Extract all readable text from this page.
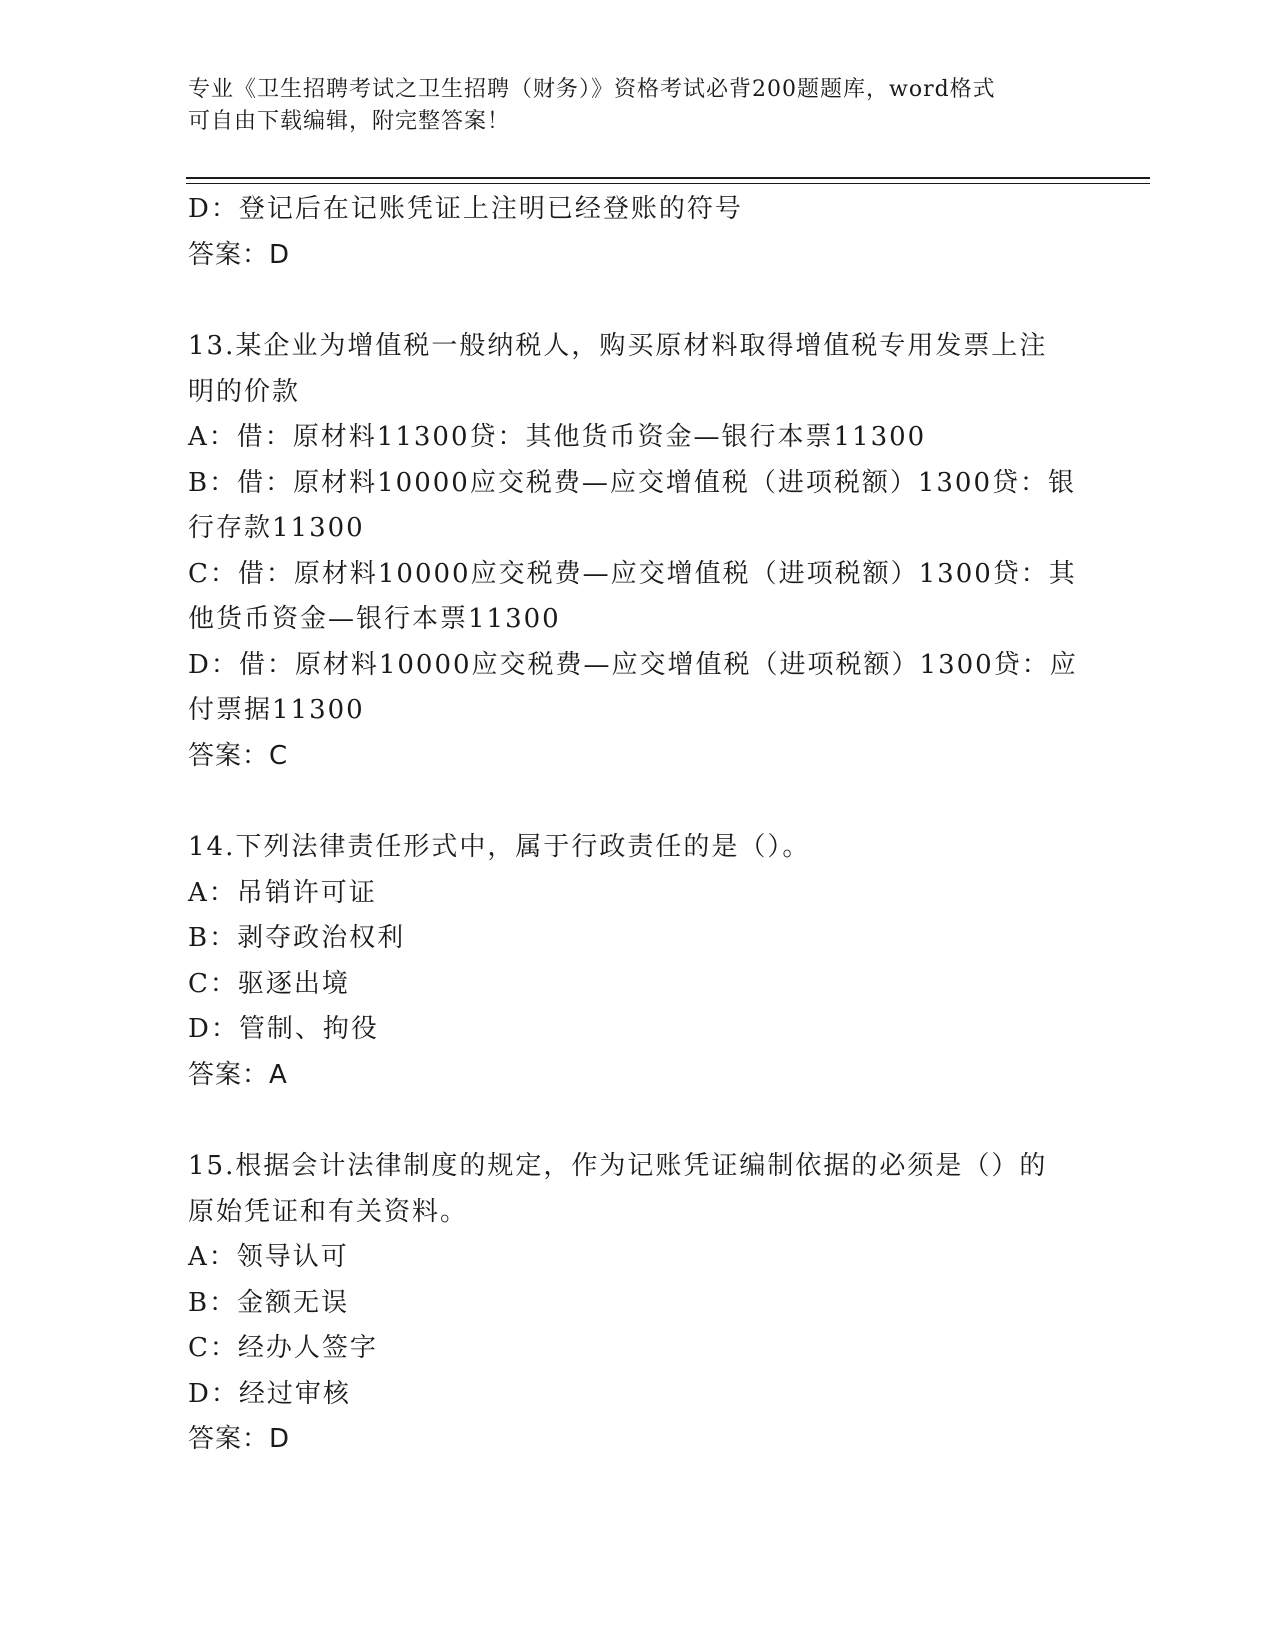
专业《卫生招聘考试之卫生招聘（财务）》资格考试必背200题题库，word格式
可自由下载编辑，附完整答案！
D：登记后在记账凭证上注明已经登账的符号
答案：D
13.某企业为增值税一般纳税人，购买原材料取得增值税专用发票上注
明的价款
A：借：原材料11300贷：其他货币资金—银行本票11300
B：借：原材料10000应交税费—应交增值税（进项税额）1300贷：银
行存款11300
C：借：原材料10000应交税费—应交增值税（进项税额）1300贷：其
他货币资金—银行本票11300
D：借：原材料10000应交税费—应交增值税（进项税额）1300贷：应
付票据11300
答案：C
14.下列法律责任形式中，属于行政责任的是（）。
A：吊销许可证
B：剥夺政治权利
C：驱逐出境
D：管制、拘役
答案：A
15.根据会计法律制度的规定，作为记账凭证编制依据的必须是（）的
原始凭证和有关资料。
A：领导认可
B：金额无误
C：经办人签字
D：经过审核
答案：D
